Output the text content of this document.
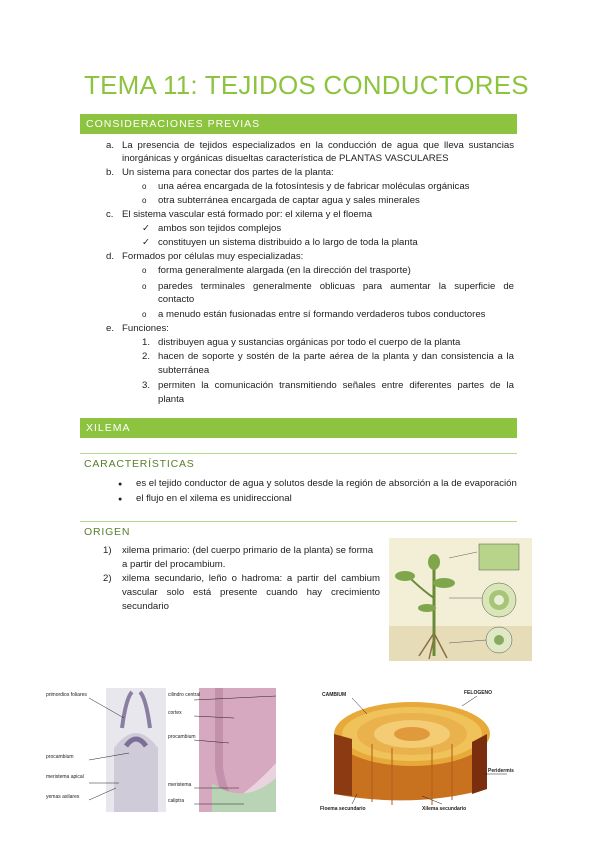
TEMA 11: TEJIDOS CONDUCTORES
CONSIDERACIONES PREVIAS
a. La presencia de tejidos especializados en la conducción de agua que lleva sustancias
inorgánicas y orgánicas disueltas característica de PLANTAS VASCULARES
b. Un sistema para conectar dos partes de la planta:
o una aérea encargada de la fotosíntesis y de fabricar moléculas orgánicas
o otra subterránea encargada de captar agua y sales minerales
c. El sistema vascular está formado por: el xilema y el floema
✓ ambos son tejidos complejos
✓ constituyen un sistema distribuido a lo largo de toda la planta
d. Formados por células muy especializadas:
o forma generalmente alargada (en la dirección del trasporte)
o paredes terminales generalmente oblicuas para aumentar la superficie de
contacto
o a menudo están fusionadas entre sí formando verdaderos tubos conductores
e. Funciones:
1. distribuyen agua y sustancias orgánicas por todo el cuerpo de la planta
2. hacen de soporte y sostén de la parte aérea de la planta y dan consistencia a la
subterránea
3. permiten la comunicación transmitiendo señales entre diferentes partes de la
planta
XILEMA
CARACTERÍSTICAS
● es el tejido conductor de agua y solutos desde la región de absorción a la de evaporación
● el flujo en el xilema es unidireccional
ORIGEN
1) xilema primario: (del cuerpo primario de la planta) se forma
a partir del procambium.
2) xilema secundario, leño o hadroma: a partir del cambium
vascular solo está presente cuando hay crecimiento
secundario
primordios foliares
procambium
meristema apical
yemas axilares
cilindro central
cortex
procambium
meristema
caliptra
CAMBIUM	FELOGENO
Peridermis
Floema secundario	Xilema secundario
